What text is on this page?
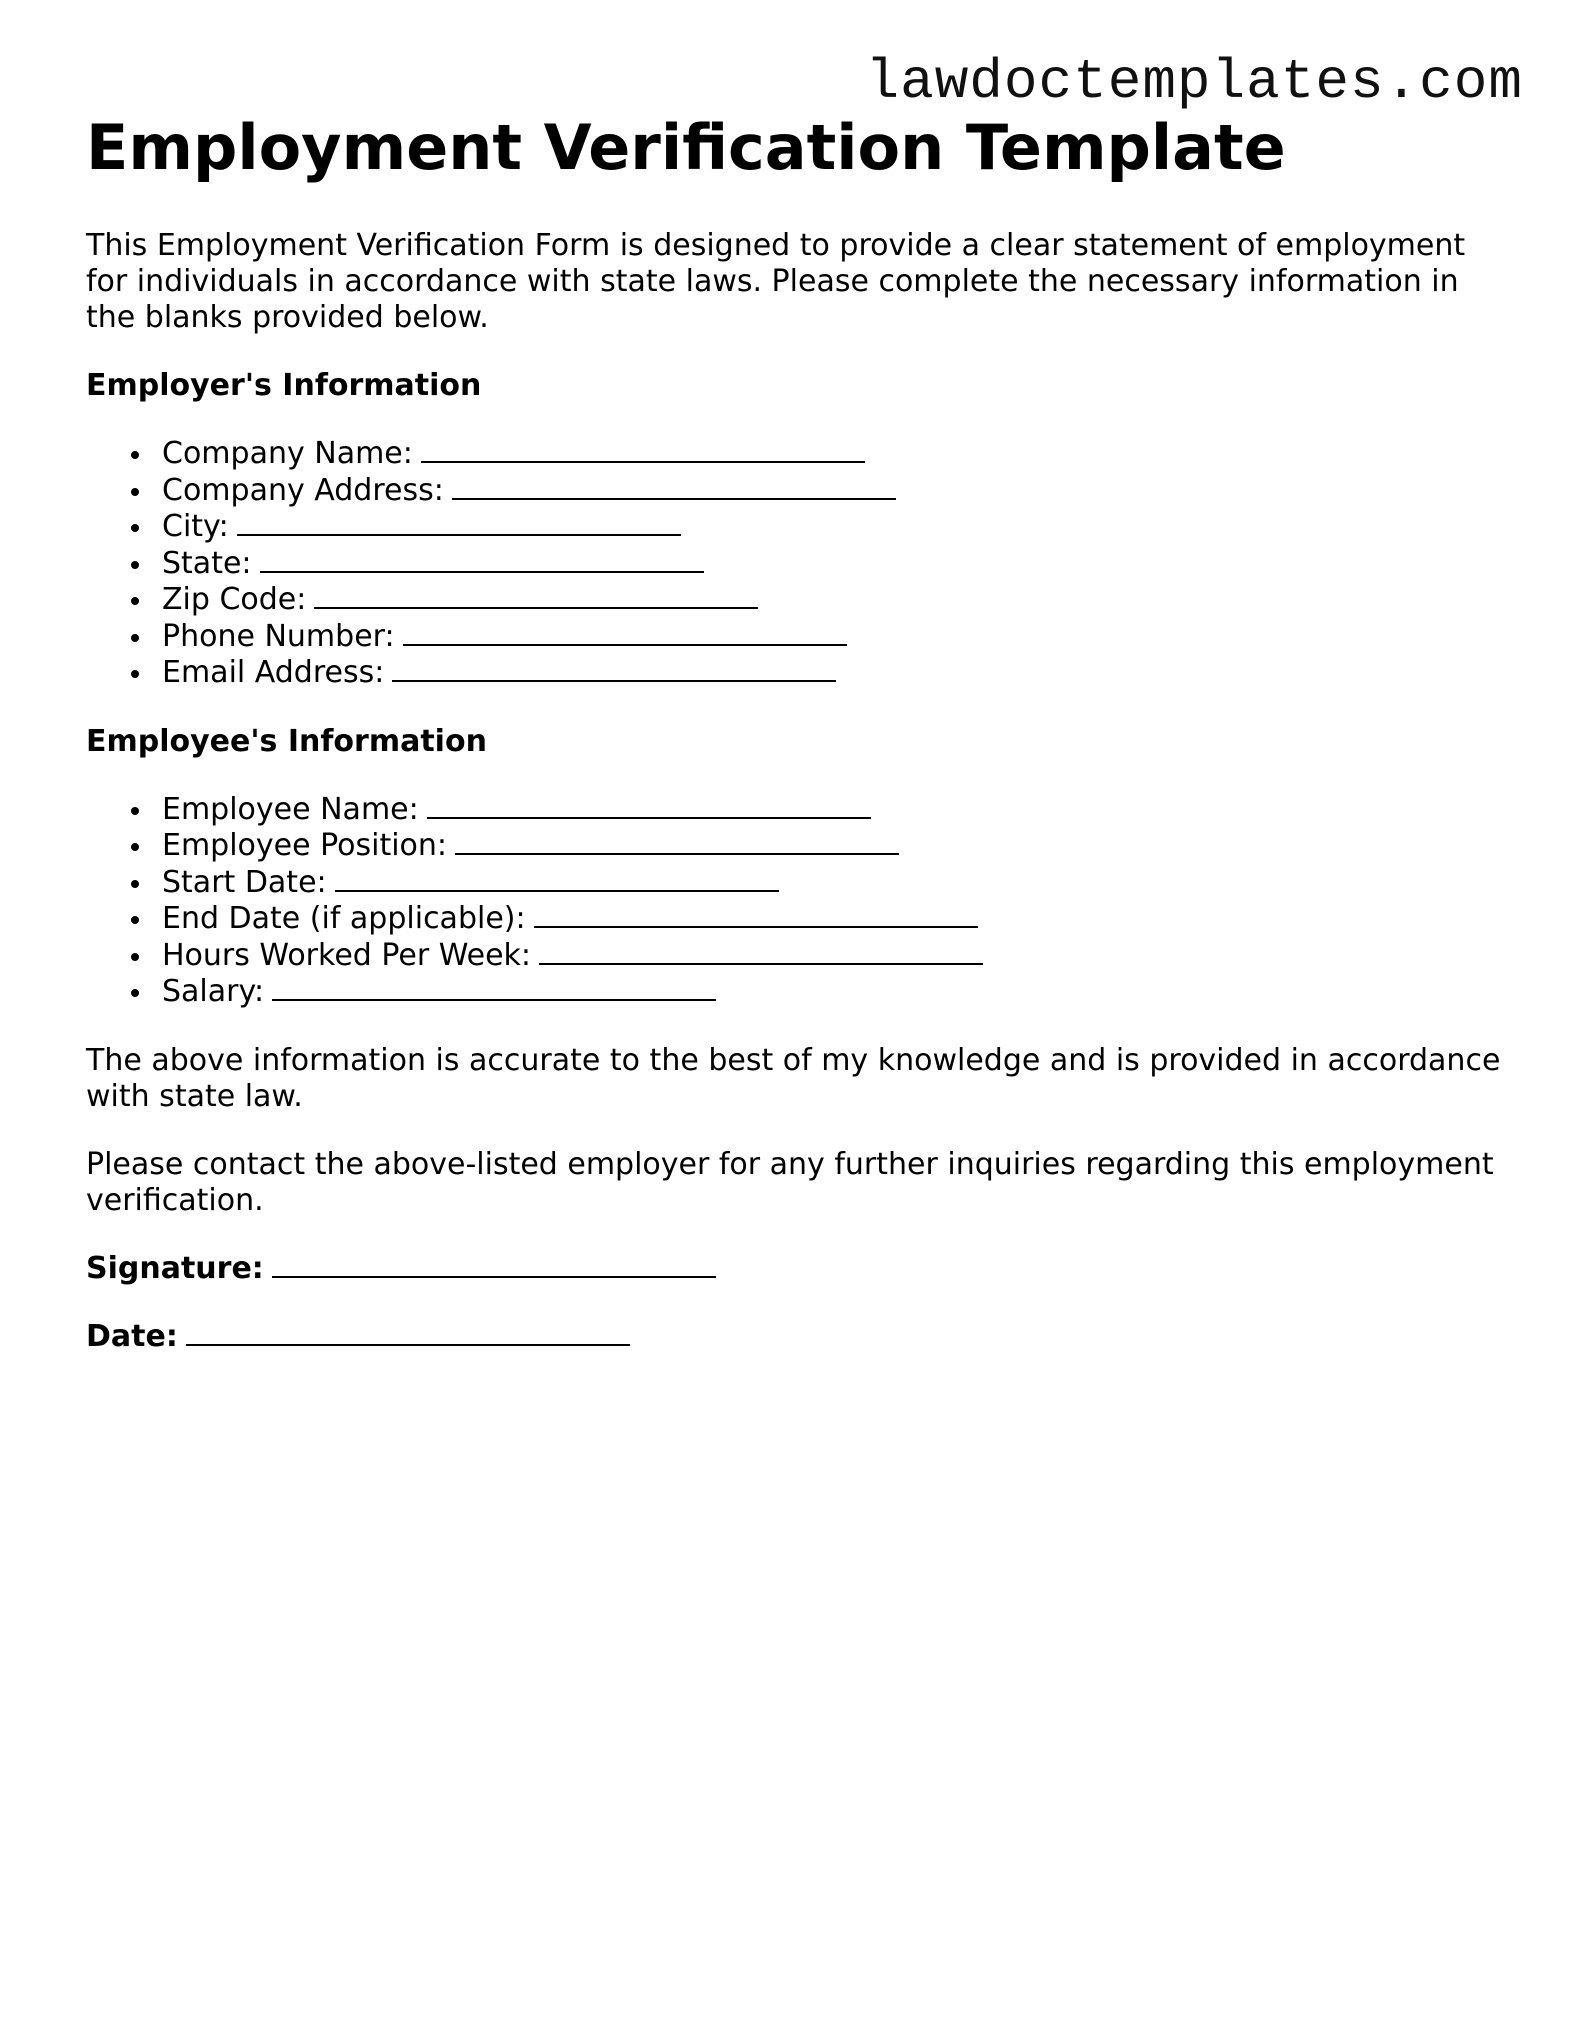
lawdoctemplates.com
Employment Verification Template

This Employment Verification Form is designed to provide a clear statement of employment for individuals in accordance with state laws. Please complete the necessary information in the blanks provided below.

Employer's Information
Company Name:
Company Address:
City:
State:
Zip Code:
Phone Number:
Email Address:
Employee's Information
Employee Name:
Employee Position:
Start Date:
End Date (if applicable):
Hours Worked Per Week:
Salary:

The above information is accurate to the best of my knowledge and is provided in accordance with state law.

Please contact the above-listed employer for any further inquiries regarding this employment verification.

Signature:
Date:
